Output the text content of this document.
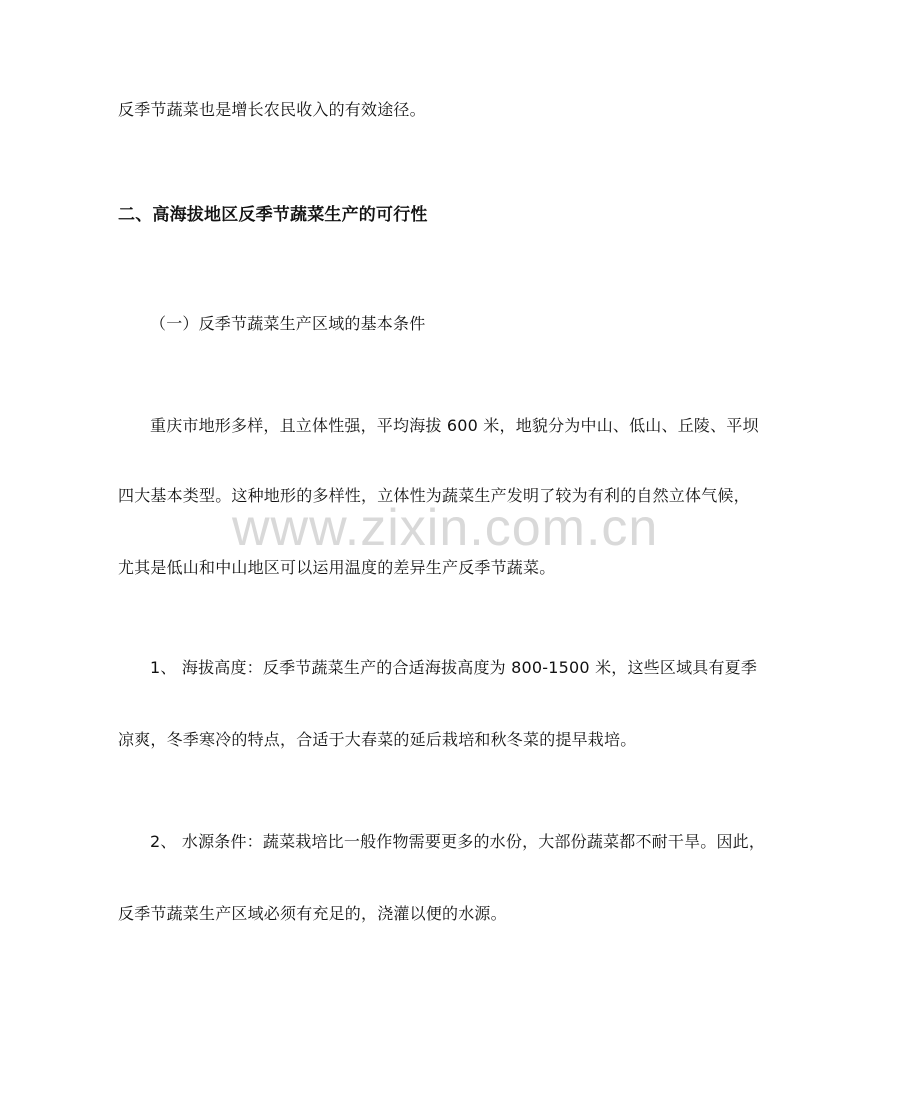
反季节蔬菜也是增长农民收入的有效途径。
二、高海拔地区反季节蔬菜生产的可行性
（一）反季节蔬菜生产区域的基本条件
重庆市地形多样，且立体性强，平均海拔 600 米，地貌分为中山、低山、丘陵、平坝
四大基本类型。这种地形的多样性，立体性为蔬菜生产发明了较为有利的自然立体气候，
尤其是低山和中山地区可以运用温度的差异生产反季节蔬菜。
1、 海拔高度：反季节蔬菜生产的合适海拔高度为 800-1500 米，这些区域具有夏季
凉爽，冬季寒冷的特点，合适于大春菜的延后栽培和秋冬菜的提早栽培。
2、 水源条件：蔬菜栽培比一般作物需要更多的水份，大部份蔬菜都不耐干旱。因此，
反季节蔬菜生产区域必须有充足的，浇灌以便的水源。
www.zixin.com.cn
